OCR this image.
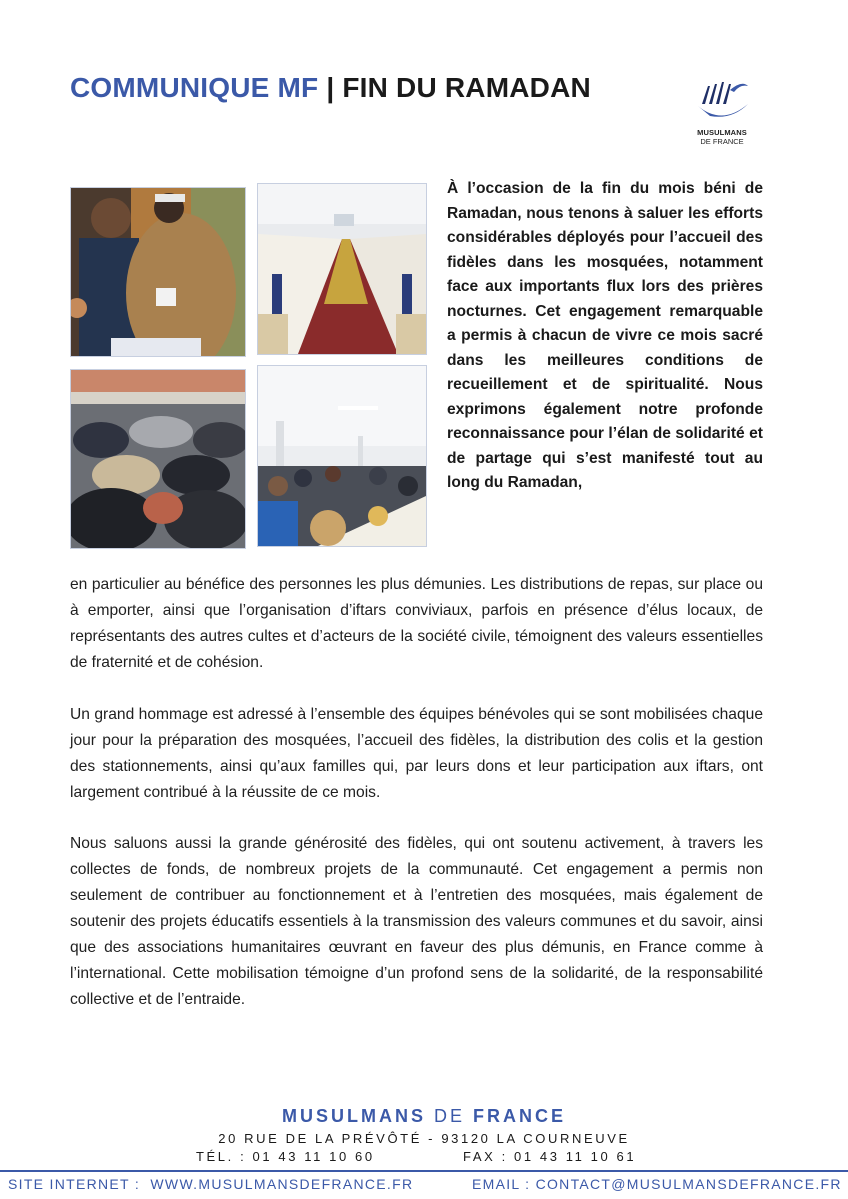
COMMUNIQUE MF | FIN DU RAMADAN
MUSULMANS
DE FRANCE
À l’occasion de la fin du mois béni de Ramadan, nous tenons à saluer les efforts considérables déployés pour l’accueil des fidèles dans les mosquées, notamment face aux importants flux lors des prières nocturnes. Cet engagement remarquable a permis à chacun de vivre ce mois sacré dans les meilleures conditions de recueillement et de spiritualité. Nous exprimons également notre profonde reconnaissance pour l’élan de solidarité et de partage qui s’est manifesté tout au long du Ramadan,

en particulier au bénéfice des personnes les plus démunies. Les distributions de repas, sur place ou à emporter, ainsi que l’organisation d’iftars conviviaux, parfois en présence d’élus locaux, de représentants des autres cultes et d’acteurs de la société civile, témoignent des valeurs essentielles de fraternité et de cohésion.

Un grand hommage est adressé à l’ensemble des équipes bénévoles qui se sont mobilisées chaque jour pour la préparation des mosquées, l’accueil des fidèles, la distribution des colis et la gestion des stationnements, ainsi qu’aux familles qui, par leurs dons et leur participation aux iftars, ont largement contribué à la réussite de ce mois.

Nous saluons aussi la grande générosité des fidèles, qui ont soutenu activement, à travers les collectes de fonds, de nombreux projets de la communauté. Cet engagement a permis non seulement de contribuer au fonctionnement et à l’entretien des mosquées, mais également de soutenir des projets éducatifs essentiels à la transmission des valeurs communes et du savoir, ainsi que des associations humanitaires œuvrant en faveur des plus démunis, en France comme à l’international. Cette mobilisation témoigne d’un profond sens de la solidarité, de la responsabilité collective et de l’entraide.

MUSULMANS DE FRANCE
20 RUE DE LA PRÉVÔTÉ - 93120 LA COURNEUVE
TÉL. : 01 43 11 10 60	FAX : 01 43 11 10 61
SITE INTERNET :  WWW.MUSULMANSDEFRANCE.FR	EMAIL : CONTACT@MUSULMANSDEFRANCE.FR
